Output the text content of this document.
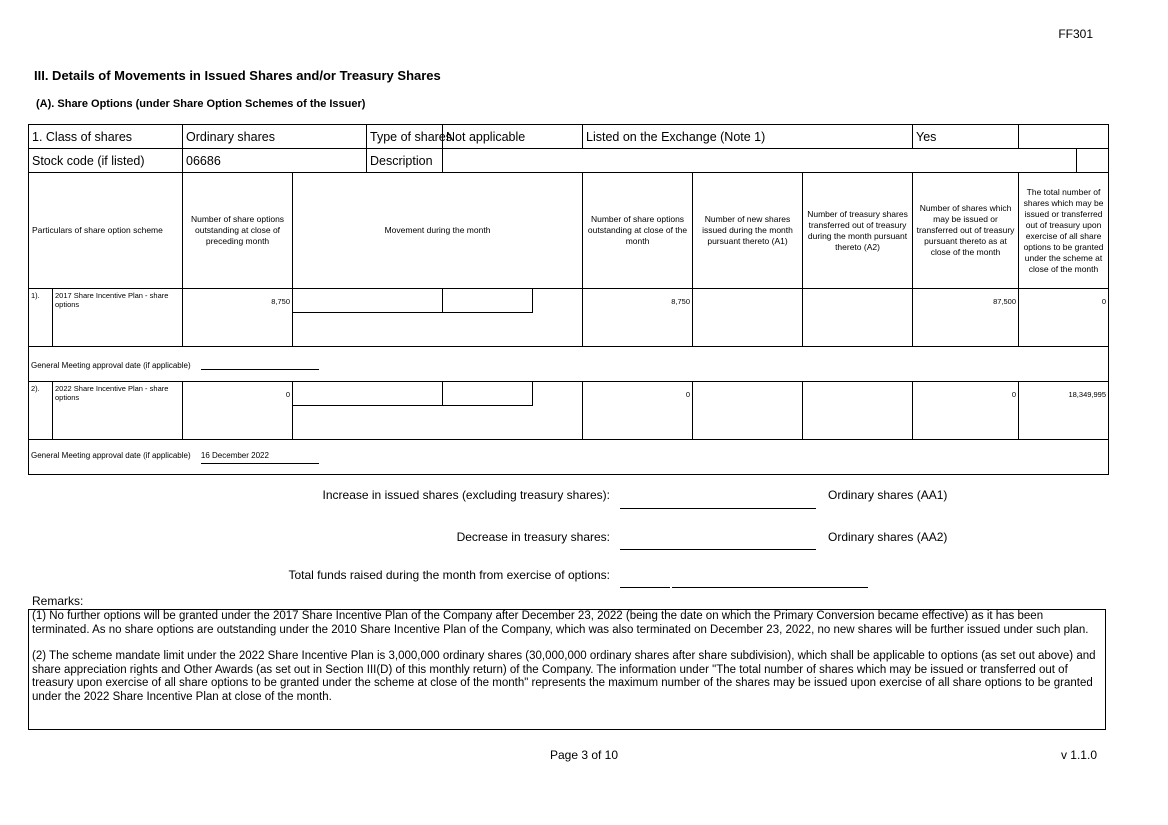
FF301
III. Details of Movements in Issued Shares and/or Treasury Shares
(A). Share Options (under Share Option Schemes of the Issuer)
1. Class of shares		Ordinary shares		Type of shares	Not applicable	Listed on the Exchange (Note 1)			Yes		
Stock code (if listed)		06686		Description							
Particulars of share option scheme		Number of share options outstanding at close of preceding month	Movement during the month			Number of share options outstanding at close of the month	Number of new shares issued during the month pursuant thereto (A1)	Number of treasury shares transferred out of treasury during the month pursuant thereto (A2)	Number of shares which may be issued or transferred out of treasury pursuant thereto as at close of the month	The total number of shares which may be issued or transferred out of treasury upon exercise of all share options to be granted under the scheme at close of the month	
1).	2017 Share Incentive Plan - share options	8,750				8,750			87,500	0	
General Meeting approval date (if applicable)											
2).	2022 Share Incentive Plan - share options	0				0			0	18,349,995	
General Meeting approval date (if applicable) 16 December 2022											
Increase in issued shares (excluding treasury shares):	Ordinary shares (AA1)
Decrease in treasury shares:	Ordinary shares (AA2)
Total funds raised during the month from exercise of options:
Remarks:

(1) No further options will be granted under the 2017 Share Incentive Plan of the Company after December 23, 2022 (being the date on which the Primary Conversion became effective) as it has been terminated. As no share options are outstanding under the 2010 Share Incentive Plan of the Company, which was also terminated on December 23, 2022, no new shares will be further issued under such plan.

(2) The scheme mandate limit under the 2022 Share Incentive Plan is 3,000,000 ordinary shares (30,000,000 ordinary shares after share subdivision), which shall be applicable to options (as set out above) and share appreciation rights and Other Awards (as set out in Section III(D) of this monthly return) of the Company. The information under "The total number of shares which may be issued or transferred out of treasury upon exercise of all share options to be granted under the scheme at close of the month" represents the maximum number of the shares may be issued upon exercise of all share options to be granted under the 2022 Share Incentive Plan at close of the month.

Page 3 of 10	v 1.1.0
